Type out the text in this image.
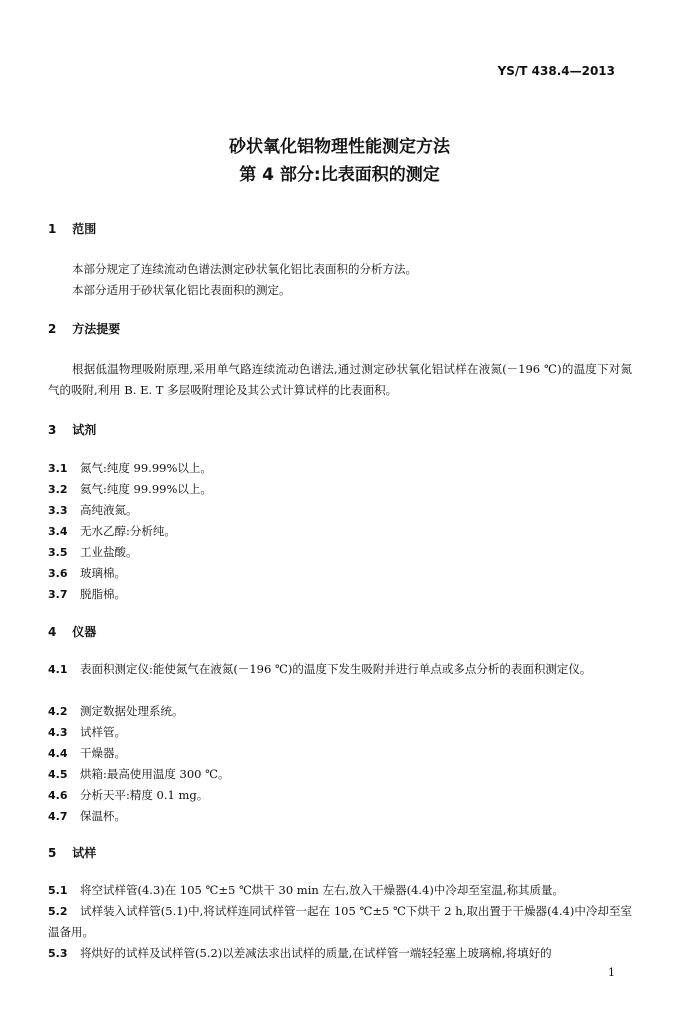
YS/T 438.4—2013
砂状氧化铝物理性能测定方法
第 4 部分:比表面积的测定
1 范围
本部分规定了连续流动色谱法测定砂状氧化铝比表面积的分析方法。
本部分适用于砂状氧化铝比表面积的测定。
2 方法提要
根据低温物理吸附原理,采用单气路连续流动色谱法,通过测定砂状氧化铝试样在液氮(－196 ℃)的温度下对氮气的吸附,利用 B. E. T 多层吸附理论及其公式计算试样的比表面积。
3 试剂
3.1 氮气:纯度 99.99%以上。
3.2 氦气:纯度 99.99%以上。
3.3 高纯液氮。
3.4 无水乙醇:分析纯。
3.5 工业盐酸。
3.6 玻璃棉。
3.7 脱脂棉。
4 仪器
4.1 表面积测定仪:能使氮气在液氮(－196 ℃)的温度下发生吸附并进行单点或多点分析的表面积测定仪。
4.2 测定数据处理系统。
4.3 试样管。
4.4 干燥器。
4.5 烘箱:最高使用温度 300 ℃。
4.6 分析天平:精度 0.1 mg。
4.7 保温杯。
5 试样
5.1 将空试样管(4.3)在 105 ℃±5 ℃烘干 30 min 左右,放入干燥器(4.4)中冷却至室温,称其质量。
5.2 试样装入试样管(5.1)中,将试样连同试样管一起在 105 ℃±5 ℃下烘干 2 h,取出置于干燥器(4.4)中冷却至室温备用。
5.3 将烘好的试样及试样管(5.2)以差减法求出试样的质量,在试样管一端轻轻塞上玻璃棉,将填好的
1
